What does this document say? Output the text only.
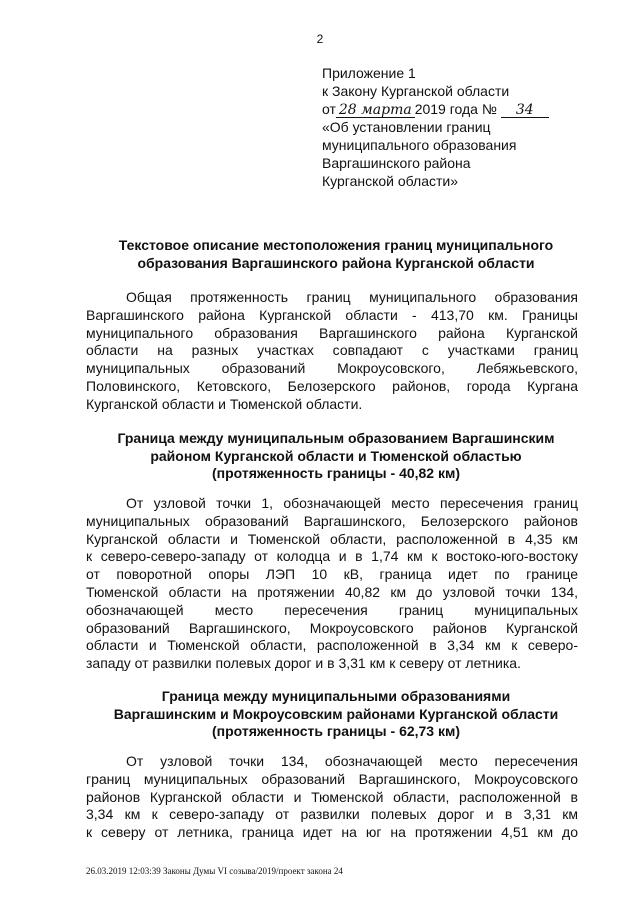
2
Приложение 1
к Закону Курганской области
от 28 марта 2019 года № 34
«Об установлении границ
муниципального образования
Варгашинского района
Курганской области»
Текстовое описание местоположения границ муниципального
образования Варгашинского района Курганской области
Общая протяженность границ муниципального образования
Варгашинского района Курганской области - 413,70 км. Границы
муниципального образования Варгашинского района Курганской
области на разных участках совпадают с участками границ
муниципальных образований Мокроусовского, Лебяжьевского,
Половинского, Кетовского, Белозерского районов, города Кургана
Курганской области и Тюменской области.
Граница между муниципальным образованием Варгашинским
районом Курганской области и Тюменской областью
(протяженность границы - 40,82 км)
От узловой точки 1, обозначающей место пересечения границ
муниципальных образований Варгашинского, Белозерского районов
Курганской области и Тюменской области, расположенной в 4,35 км
к северо-северо-западу от колодца и в 1,74 км к востоко-юго-востоку
от поворотной опоры ЛЭП 10 кВ, граница идет по границе
Тюменской области на протяжении 40,82 км до узловой точки 134,
обозначающей место пересечения границ муниципальных
образований Варгашинского, Мокроусовского районов Курганской
области и Тюменской области, расположенной в 3,34 км к северо-
западу от развилки полевых дорог и в 3,31 км к северу от летника.
Граница между муниципальными образованиями
Варгашинским и Мокроусовским районами Курганской области
(протяженность границы - 62,73 км)
От узловой точки 134, обозначающей место пересечения
границ муниципальных образований Варгашинского, Мокроусовского
районов Курганской области и Тюменской области, расположенной в
3,34 км к северо-западу от развилки полевых дорог и в 3,31 км
к северу от летника, граница идет на юг на протяжении 4,51 км до
26.03.2019 12:03:39 Законы Думы VI созыва/2019/проект закона 24
